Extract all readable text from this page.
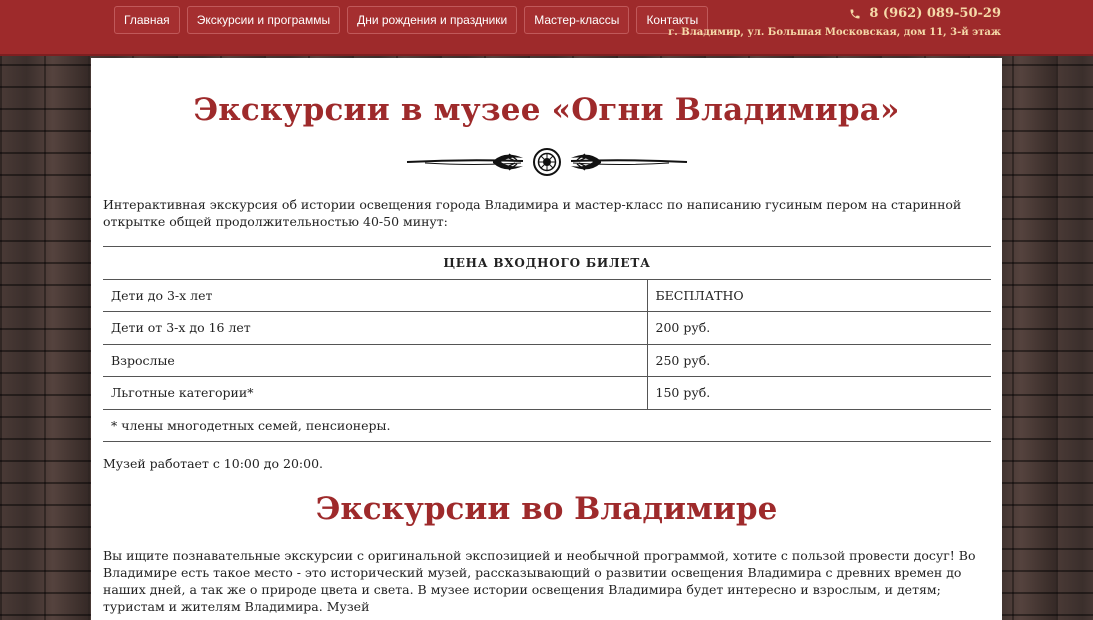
Главная	Экскурсии и программы	Дни рождения и праздники	Мастер-классы	Контакты	8 (962) 089-50-29
г. Владимир, ул. Большая Московская, дом 11, 3-й этаж
Экскурсии в музее «Огни Владимира»

Интерактивная экскурсия об истории освещения города Владимира и мастер-класс по написанию гусиным пером на старинной открытке общей продолжительностью 40-50 минут:

ЦЕНА ВХОДНОГО БИЛЕТА	
Дети до 3-х лет	БЕСПЛАТНО
Дети от 3-х до 16 лет	200 руб.
Взрослые	250 руб.
Льготные категории*	150 руб.
* члены многодетных семей, пенсионеры.	

Музей работает с 10:00 до 20:00.

Экскурсии во Владимире

Вы ищите познавательные экскурсии с оригинальной экспозицией и необычной программой, хотите с пользой провести досуг! Во Владимире есть такое место - это исторический музей, рассказывающий о развитии освещения Владимира с древних времен до наших дней, а так же о природе цвета и света. В музее истории освещения Владимира будет интересно и взрослым, и детям; туристам и жителям Владимира. Музей
